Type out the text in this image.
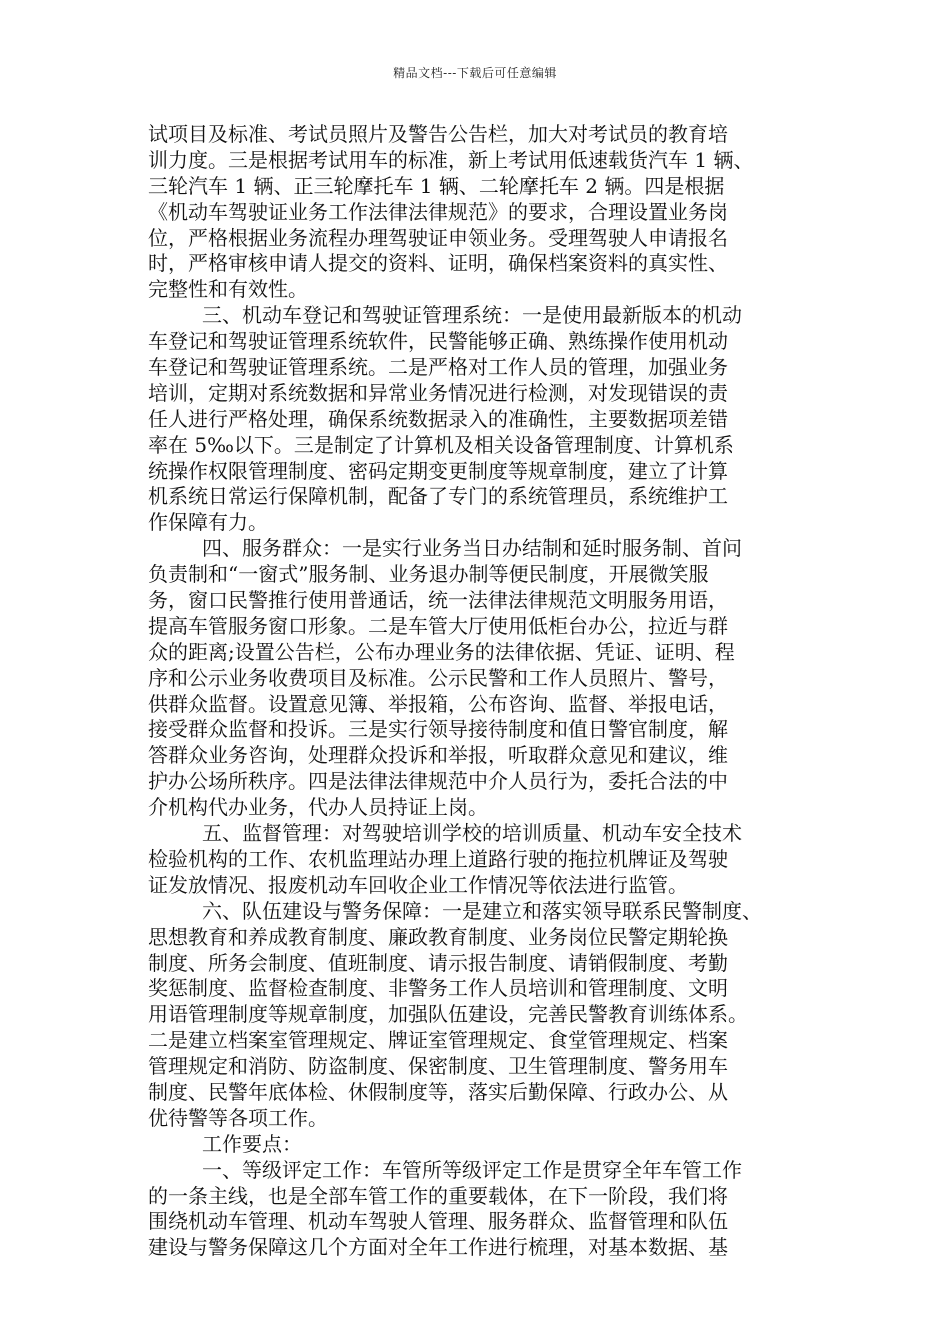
精品文档---下载后可任意编辑
试项目及标准、考试员照片及警告公告栏，加大对考试员的教育培
训力度。三是根据考试用车的标准，新上考试用低速载货汽车 1 辆、
三轮汽车 1 辆、正三轮摩托车 1 辆、二轮摩托车 2 辆。四是根据
《机动车驾驶证业务工作法律法律规范》的要求，合理设置业务岗
位，严格根据业务流程办理驾驶证申领业务。受理驾驶人申请报名
时，严格审核申请人提交的资料、证明，确保档案资料的真实性、
完整性和有效性。
三、机动车登记和驾驶证管理系统：一是使用最新版本的机动
车登记和驾驶证管理系统软件，民警能够正确、熟练操作使用机动
车登记和驾驶证管理系统。二是严格对工作人员的管理，加强业务
培训，定期对系统数据和异常业务情况进行检测，对发现错误的责
任人进行严格处理，确保系统数据录入的准确性，主要数据项差错
率在 5‰以下。三是制定了计算机及相关设备管理制度、计算机系
统操作权限管理制度、密码定期变更制度等规章制度，建立了计算
机系统日常运行保障机制，配备了专门的系统管理员，系统维护工
作保障有力。
四、服务群众：一是实行业务当日办结制和延时服务制、首问
负责制和“一窗式”服务制、业务退办制等便民制度，开展微笑服
务，窗口民警推行使用普通话，统一法律法律规范文明服务用语，
提高车管服务窗口形象。二是车管大厅使用低柜台办公，拉近与群
众的距离;设置公告栏，公布办理业务的法律依据、凭证、证明、程
序和公示业务收费项目及标准。公示民警和工作人员照片、警号，
供群众监督。设置意见簿、举报箱，公布咨询、监督、举报电话，
接受群众监督和投诉。三是实行领导接待制度和值日警官制度，解
答群众业务咨询，处理群众投诉和举报，听取群众意见和建议，维
护办公场所秩序。四是法律法律规范中介人员行为，委托合法的中
介机构代办业务，代办人员持证上岗。
五、监督管理：对驾驶培训学校的培训质量、机动车安全技术
检验机构的工作、农机监理站办理上道路行驶的拖拉机牌证及驾驶
证发放情况、报废机动车回收企业工作情况等依法进行监管。
六、队伍建设与警务保障：一是建立和落实领导联系民警制度、
思想教育和养成教育制度、廉政教育制度、业务岗位民警定期轮换
制度、所务会制度、值班制度、请示报告制度、请销假制度、考勤
奖惩制度、监督检查制度、非警务工作人员培训和管理制度、文明
用语管理制度等规章制度，加强队伍建设，完善民警教育训练体系。
二是建立档案室管理规定、牌证室管理规定、食堂管理规定、档案
管理规定和消防、防盗制度、保密制度、卫生管理制度、警务用车
制度、民警年底体检、休假制度等，落实后勤保障、行政办公、从
优待警等各项工作。
工作要点：
一、等级评定工作：车管所等级评定工作是贯穿全年车管工作
的一条主线，也是全部车管工作的重要载体，在下一阶段，我们将
围绕机动车管理、机动车驾驶人管理、服务群众、监督管理和队伍
建设与警务保障这几个方面对全年工作进行梳理，对基本数据、基
